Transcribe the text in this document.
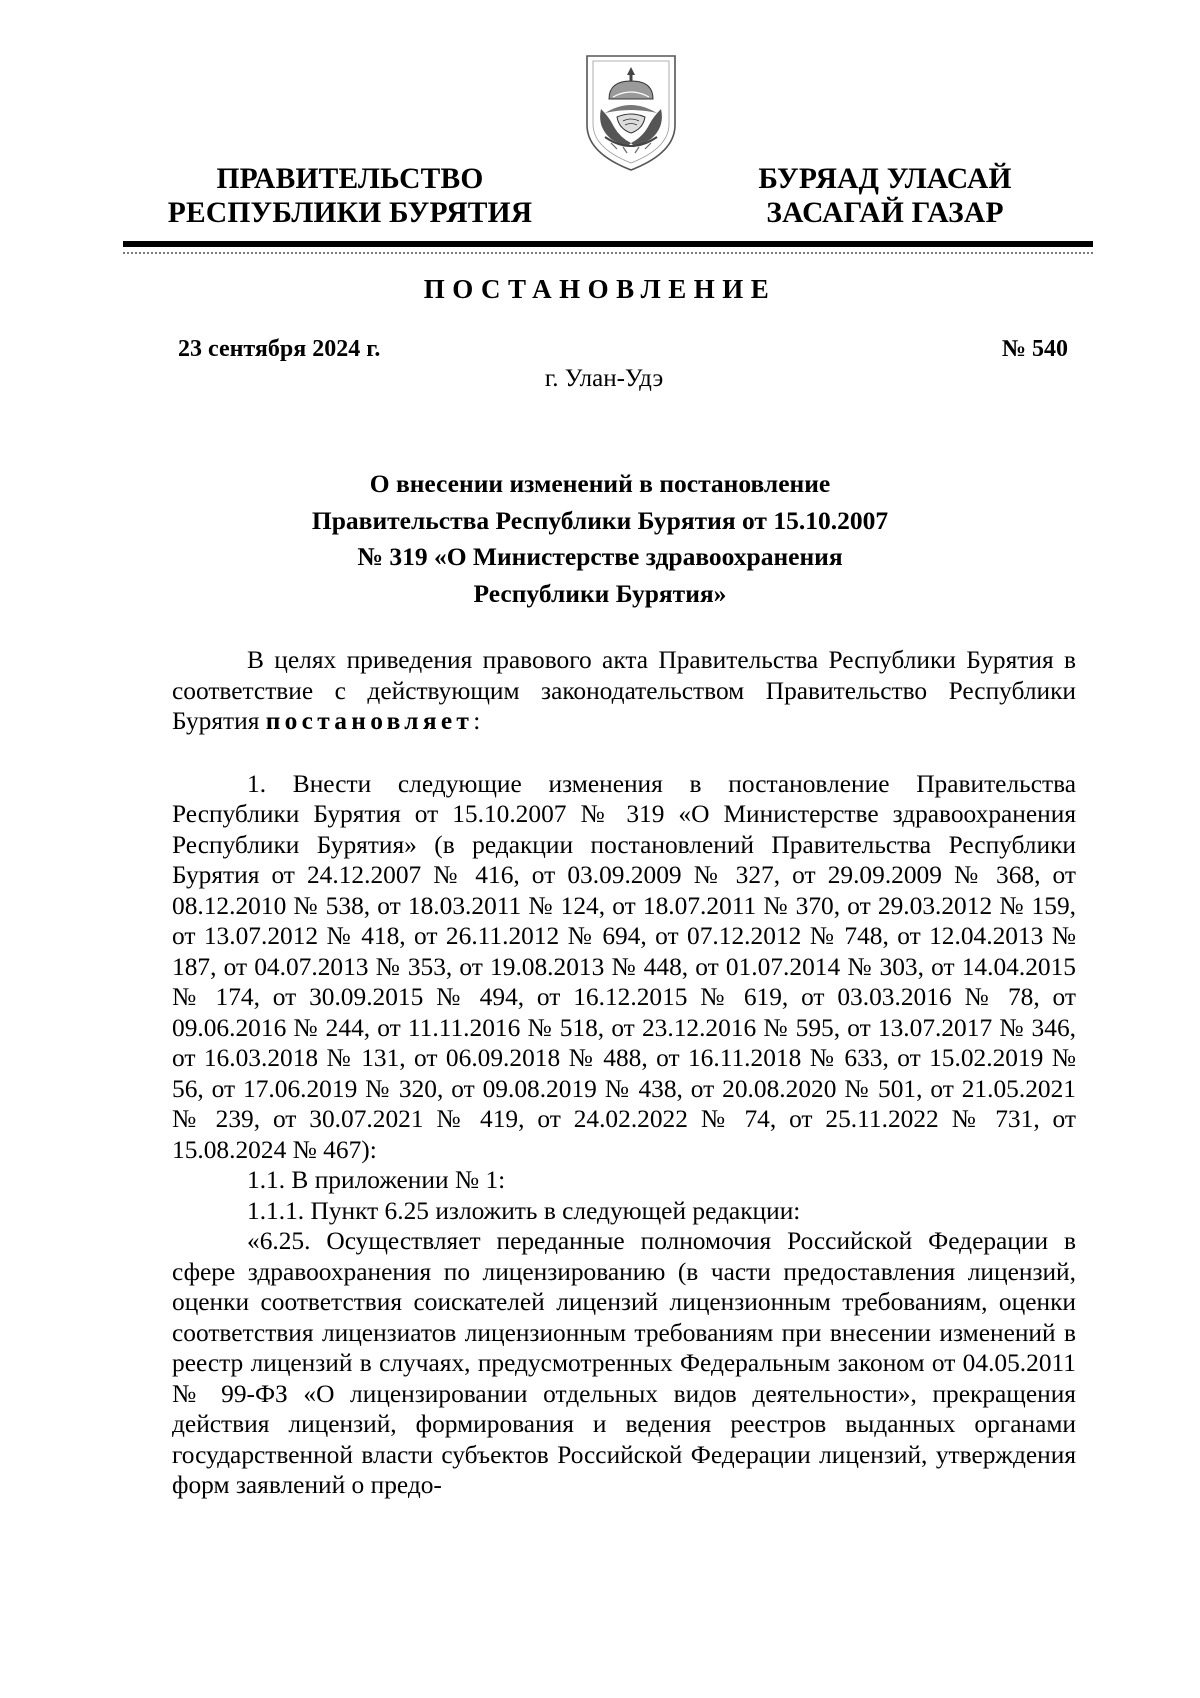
ПРАВИТЕЛЬСТВО
РЕСПУБЛИКИ БУРЯТИЯ
БУРЯАД УЛАСАЙ
ЗАСАГАЙ ГАЗАР
ПОСТАНОВЛЕНИЕ
23 сентября 2024 г.	№ 540
г. Улан-Удэ
О внесении изменений в постановление
Правительства Республики Бурятия от 15.10.2007
№ 319 «О Министерстве здравоохранения
Республики Бурятия»

В целях приведения правового акта Правительства Республики Бурятия в соответствие с действующим законодательством Правительство Республики Бурятия постановляет:

1. Внести следующие изменения в постановление Правительства Республики Бурятия от 15.10.2007 № 319 «О Министерстве здравоохранения Республики Бурятия» (в редакции постановлений Правительства Республики Бурятия от 24.12.2007 № 416, от 03.09.2009 № 327, от 29.09.2009 № 368, от 08.12.2010 № 538, от 18.03.2011 № 124, от 18.07.2011 № 370, от 29.03.2012 № 159, от 13.07.2012 № 418, от 26.11.2012 № 694, от 07.12.2012 № 748, от 12.04.2013 № 187, от 04.07.2013 № 353, от 19.08.2013 № 448, от 01.07.2014 № 303, от 14.04.2015 № 174, от 30.09.2015 № 494, от 16.12.2015 № 619, от 03.03.2016 № 78, от 09.06.2016 № 244, от 11.11.2016 № 518, от 23.12.2016 № 595, от 13.07.2017 № 346, от 16.03.2018 № 131, от 06.09.2018 № 488, от 16.11.2018 № 633, от 15.02.2019 № 56, от 17.06.2019 № 320, от 09.08.2019 № 438, от 20.08.2020 № 501, от 21.05.2021 № 239, от 30.07.2021 № 419, от 24.02.2022 № 74, от 25.11.2022 № 731, от 15.08.2024 № 467):

1.1. В приложении № 1:

1.1.1. Пункт 6.25 изложить в следующей редакции:

«6.25. Осуществляет переданные полномочия Российской Федерации в сфере здравоохранения по лицензированию (в части предоставления лицензий, оценки соответствия соискателей лицензий лицензионным требованиям, оценки соответствия лицензиатов лицензионным требованиям при внесении изменений в реестр лицензий в случаях, предусмотренных Федеральным законом от 04.05.2011 № 99-ФЗ «О лицензировании отдельных видов деятельности», прекращения действия лицензий, формирования и ведения реестров выданных органами государственной власти субъектов Российской Федерации лицензий, утверждения форм заявлений о предо-
